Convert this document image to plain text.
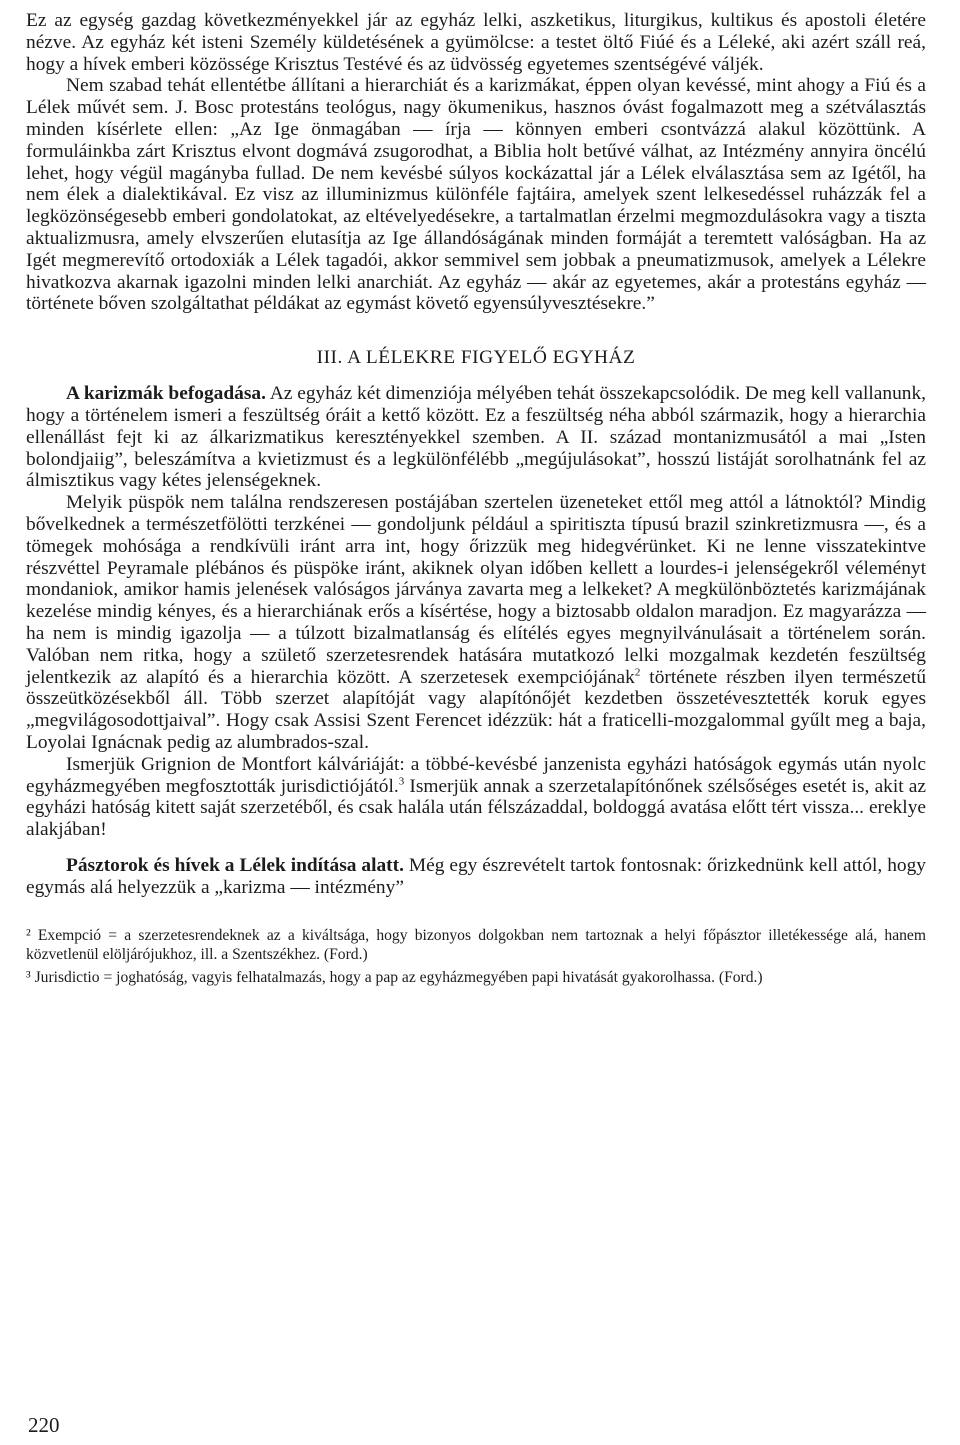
Ez az egység gazdag következményekkel jár az egyház lelki, aszketikus, liturgikus, kultikus és apostoli életére nézve. Az egyház két isteni Személy küldetésének a gyümölcse: a testet öltő Fiúé és a Léleké, aki azért száll reá, hogy a hívek emberi közössége Krisztus Testévé és az üdvösség egyetemes szentségévé váljék.

Nem szabad tehát ellentétbe állítani a hierarchiát és a karizmákat, éppen olyan kevéssé, mint ahogy a Fiú és a Lélek művét sem. J. Bosc protestáns teológus, nagy ökumenikus, hasznos óvást fogalmazott meg a szétválasztás minden kísérlete ellen: „Az Ige önmagában — írja — könnyen emberi csontvázzá alakul közöttünk. A formuláinkba zárt Krisztus elvont dogmává zsugorodhat, a Biblia holt betűvé válhat, az Intézmény annyira öncélú lehet, hogy végül magányba fullad. De nem kevésbé súlyos kockázattal jár a Lélek elválasztása sem az Igétől, ha nem élek a dialektikával. Ez visz az illuminizmus különféle fajtáira, amelyek szent lelkesedéssel ruházzák fel a legközönségesebb emberi gondolatokat, az eltévelyedésekre, a tartalmatlan érzelmi megmozdulásokra vagy a tiszta aktualizmusra, amely elvszerűen elutasítja az Ige állandóságának minden formáját a teremtett valóságban. Ha az Igét megmerevítő ortodoxiák a Lélek tagadói, akkor semmivel sem jobbak a pneumatizmusok, amelyek a Lélekre hivatkozva akarnak igazolni minden lelki anarchiát. Az egyház — akár az egyetemes, akár a protestáns egyház — története bőven szolgáltathat példákat az egymást követő egyensúlyvesztésekre.”

III. A LÉLEKRE FIGYELŐ EGYHÁZ

A karizmák befogadása. Az egyház két dimenziója mélyében tehát összekapcsolódik. De meg kell vallanunk, hogy a történelem ismeri a feszültség óráit a kettő között. Ez a feszültség néha abból származik, hogy a hierarchia ellenállást fejt ki az álkarizmatikus keresztényekkel szemben. A II. század montanizmusától a mai „Isten bolondjaiig”, beleszámítva a kvietizmust és a legkülönfélébb „megújulásokat”, hosszú listáját sorolhatnánk fel az álmisztikus vagy kétes jelenségeknek.

Melyik püspök nem találna rendszeresen postájában szertelen üzeneteket ettől meg attól a látnoktól? Mindig bővelkednek a természetfölötti terzkénei — gondoljunk például a spiritiszta típusú brazil szinkretizmusra —, és a tömegek mohósága a rendkívüli iránt arra int, hogy őrizzük meg hidegvérünket. Ki ne lenne visszatekintve részvéttel Peyramale plébános és püspöke iránt, akiknek olyan időben kellett a lourdes-i jelenségekről véleményt mondaniok, amikor hamis jelenések valóságos járványa zavarta meg a lelkeket? A megkülönböztetés karizmájának kezelése mindig kényes, és a hierarchiának erős a kísértése, hogy a biztosabb oldalon maradjon. Ez magyarázza — ha nem is mindig igazolja — a túlzott bizalmatlanság és elítélés egyes megnyilvánulásait a történelem során. Valóban nem ritka, hogy a születő szerzetesrendek hatására mutatkozó lelki mozgalmak kezdetén feszültség jelentkezik az alapító és a hierarchia között. A szerzetesek exempciójának$^2$ története részben ilyen természetű összeütközésekből áll. Több szerzet alapítóját vagy alapítónőjét kezdetben összetévesztették koruk egyes „megvilágosodottjaival”. Hogy csak Assisi Szent Ferencet idézzük: hát a fraticelli-mozgalommal gyűlt meg a baja, Loyolai Ignácnak pedig az alumbrados-szal.

Ismerjük Grignion de Montfort kálváriáját: a többé-kevésbé janzenista egyházi hatóságok egymás után nyolc egyházmegyében megfosztották jurisdictiójától.$^3$ Ismerjük annak a szerzetalapítónőnek szélsőséges esetét is, akit az egyházi hatóság kitett saját szerzetéből, és csak halála után félszázaddal, boldoggá avatása előtt tért vissza... ereklye alakjában!

Pásztorok és hívek a Lélek indítása alatt. Még egy észrevételt tartok fontosnak: őrizkednünk kell attól, hogy egymás alá helyezzük a „karizma — intézmény”

² Exempció = a szerzetesrendeknek az a kiváltsága, hogy bizonyos dolgokban nem tartoznak a helyi főpásztor illetékessége alá, hanem közvetlenül elöljárójukhoz, ill. a Szentszékhez. (Ford.)

³ Jurisdictio = joghatóság, vagyis felhatalmazás, hogy a pap az egyházmegyében papi hivatását gyakorolhassa. (Ford.)

220
